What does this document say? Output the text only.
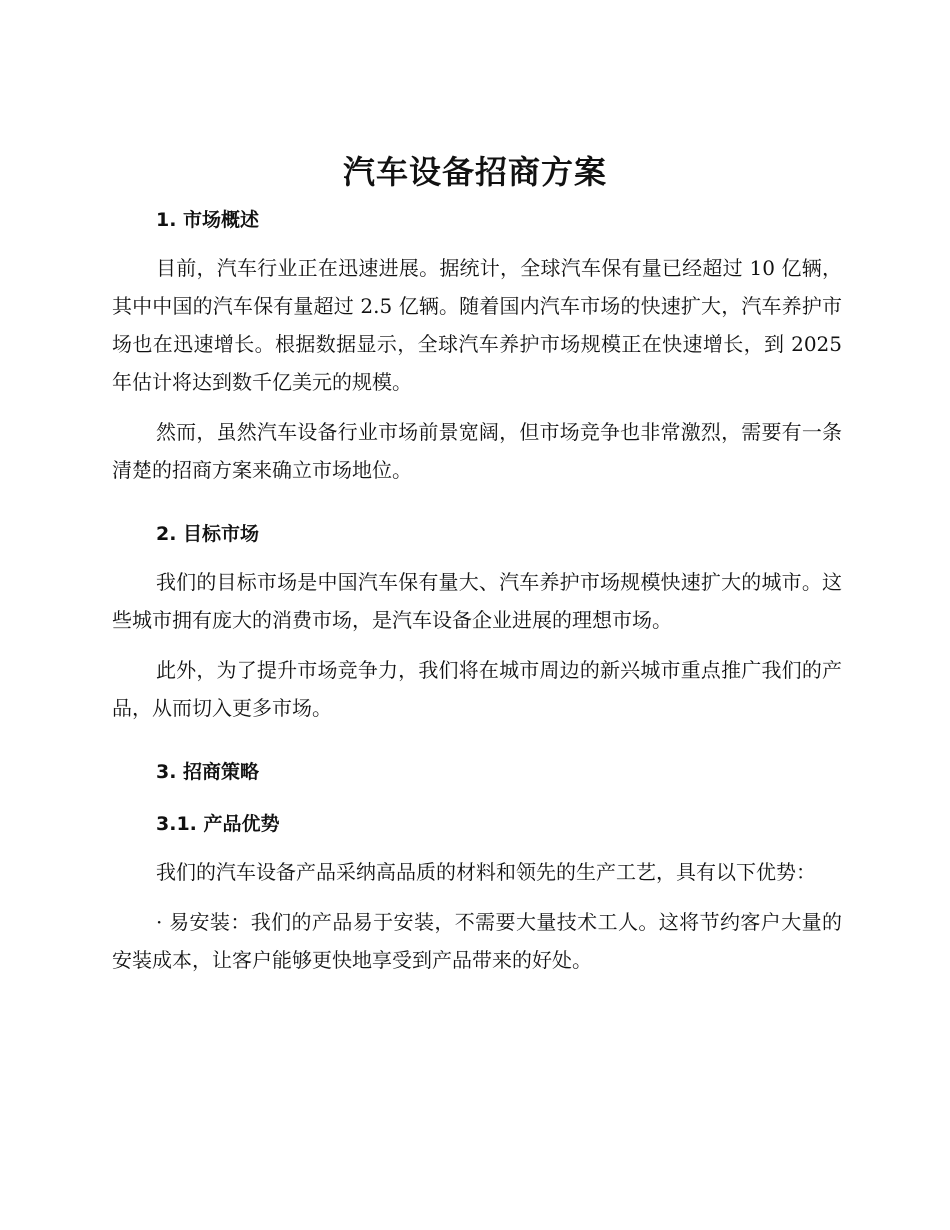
汽车设备招商方案
1. 市场概述

目前，汽车行业正在迅速进展。据统计，全球汽车保有量已经超过 10 亿辆，其中中国的汽车保有量超过 2.5 亿辆。随着国内汽车市场的快速扩大，汽车养护市场也在迅速增长。根据数据显示，全球汽车养护市场规模正在快速增长，到 2025 年估计将达到数千亿美元的规模。

然而，虽然汽车设备行业市场前景宽阔，但市场竞争也非常激烈，需要有一条清楚的招商方案来确立市场地位。

2. 目标市场

我们的目标市场是中国汽车保有量大、汽车养护市场规模快速扩大的城市。这些城市拥有庞大的消费市场，是汽车设备企业进展的理想市场。

此外，为了提升市场竞争力，我们将在城市周边的新兴城市重点推广我们的产品，从而切入更多市场。

3. 招商策略
3.1. 产品优势

我们的汽车设备产品采纳高品质的材料和领先的生产工艺，具有以下优势：

· 易安装：我们的产品易于安装，不需要大量技术工人。这将节约客户大量的安装成本，让客户能够更快地享受到产品带来的好处。
